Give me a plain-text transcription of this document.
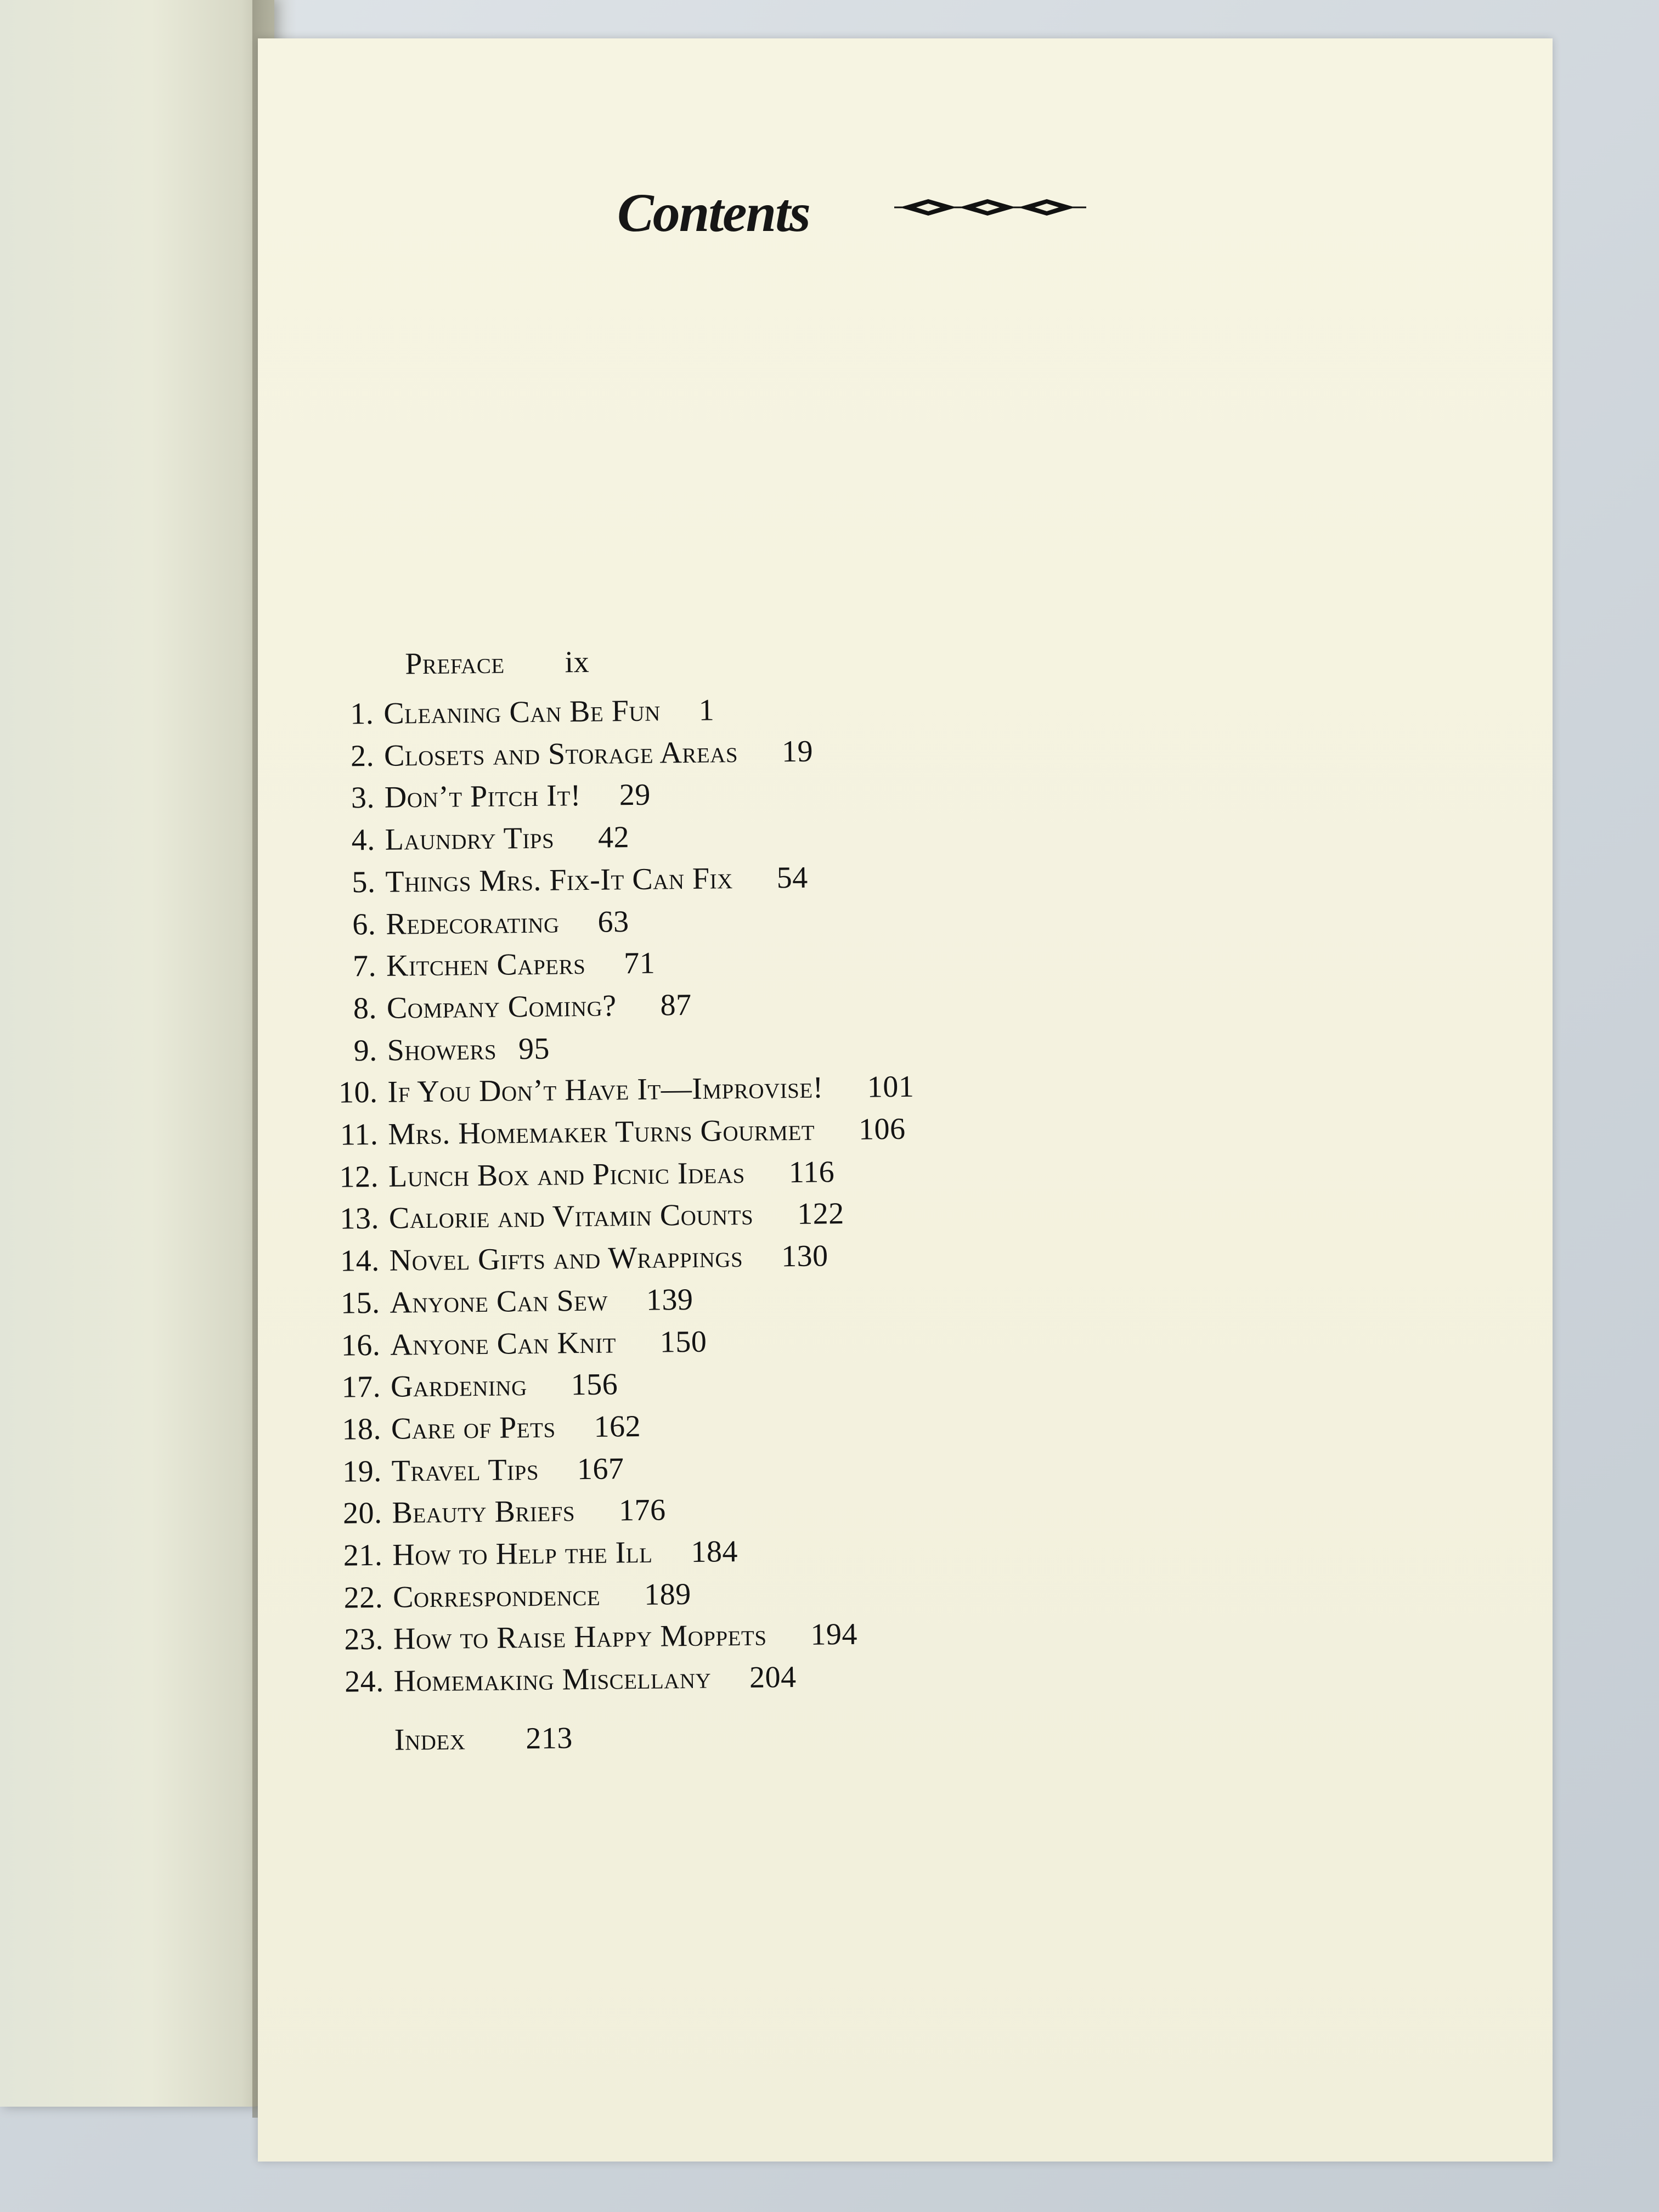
Contents
Preface ix
1. Cleaning Can Be Fun 1
2. Closets and Storage Areas 19
3. Don’t Pitch It! 29
4. Laundry Tips 42
5. Things Mrs. Fix-It Can Fix 54
6. Redecorating 63
7. Kitchen Capers 71
8. Company Coming? 87
9. Showers 95
10. If You Don’t Have It—Improvise! 101
11. Mrs. Homemaker Turns Gourmet 106
12. Lunch Box and Picnic Ideas 116
13. Calorie and Vitamin Counts 122
14. Novel Gifts and Wrappings 130
15. Anyone Can Sew 139
16. Anyone Can Knit 150
17. Gardening 156
18. Care of Pets 162
19. Travel Tips 167
20. Beauty Briefs 176
21. How to Help the Ill 184
22. Correspondence 189
23. How to Raise Happy Moppets 194
24. Homemaking Miscellany 204
Index 213
